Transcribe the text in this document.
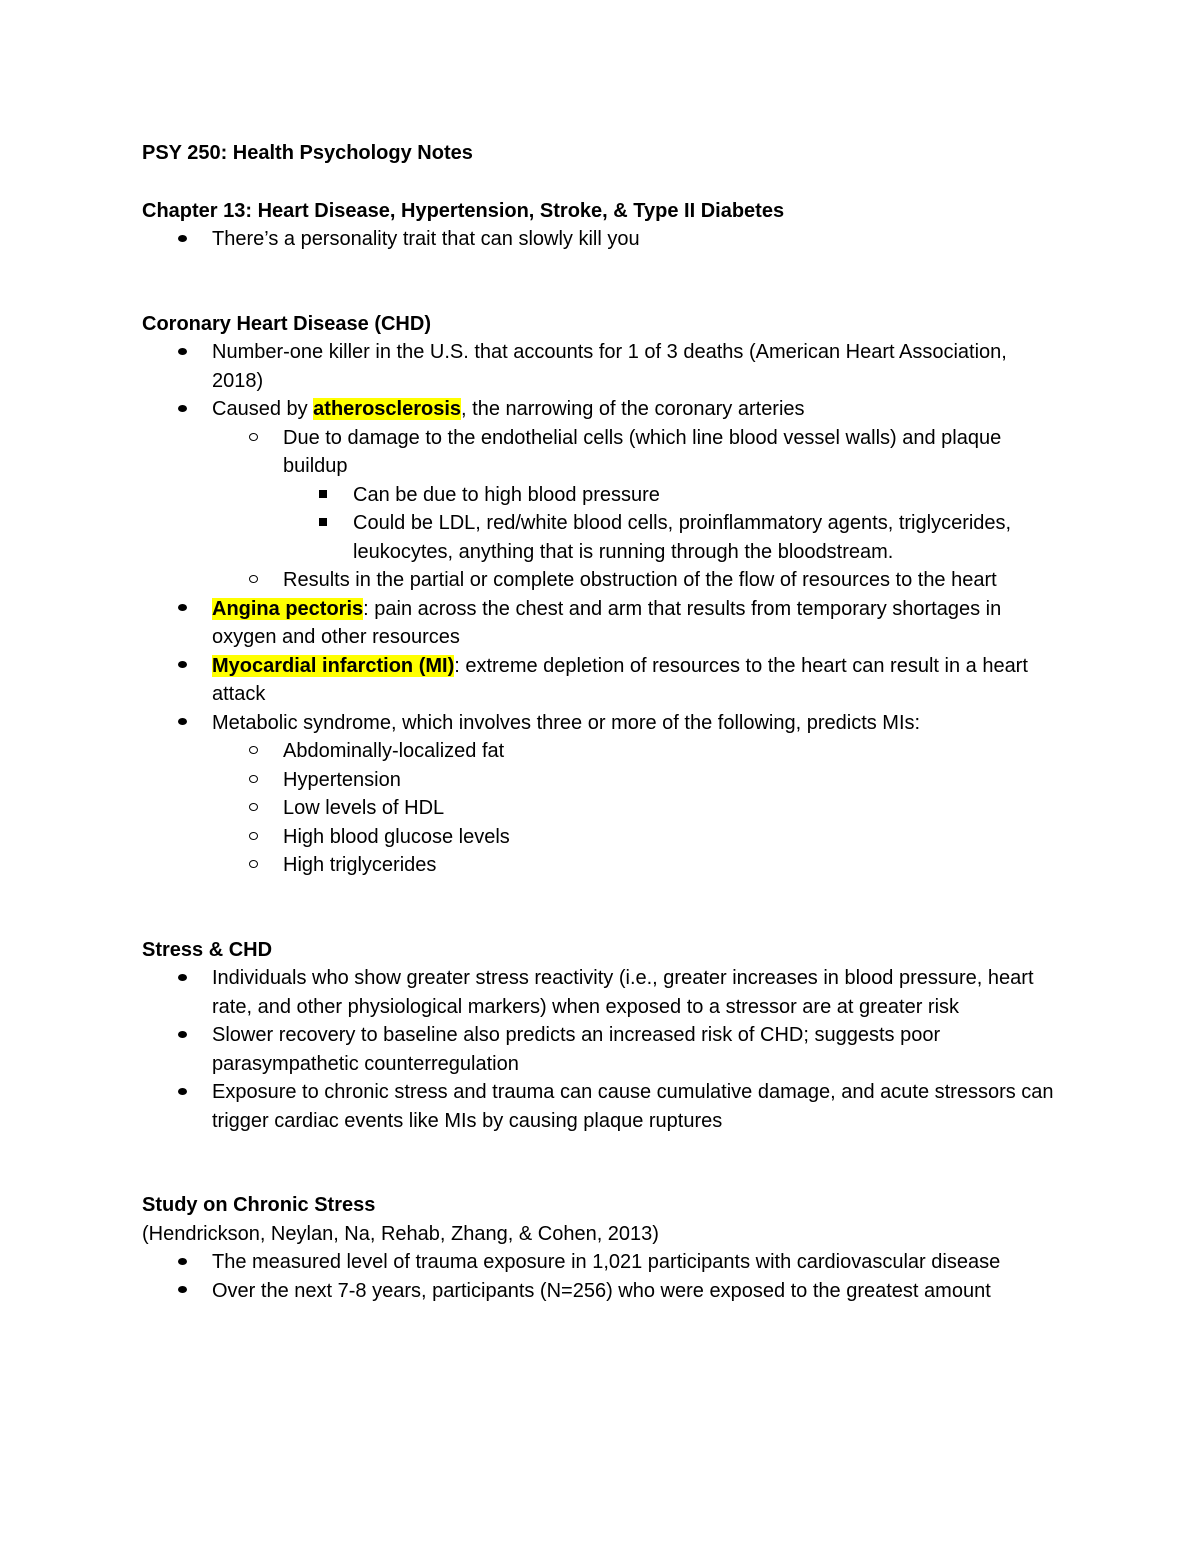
PSY 250: Health Psychology Notes
Chapter 13: Heart Disease, Hypertension, Stroke, & Type II Diabetes
There’s a personality trait that can slowly kill you
Coronary Heart Disease (CHD)
Number-one killer in the U.S. that accounts for 1 of 3 deaths (American Heart Association, 2018)
Caused by atherosclerosis, the narrowing of the coronary arteries
Due to damage to the endothelial cells (which line blood vessel walls) and plaque buildup
Can be due to high blood pressure
Could be LDL, red/white blood cells, proinflammatory agents, triglycerides, leukocytes, anything that is running through the bloodstream.
Results in the partial or complete obstruction of the flow of resources to the heart
Angina pectoris: pain across the chest and arm that results from temporary shortages in oxygen and other resources
Myocardial infarction (MI): extreme depletion of resources to the heart can result in a heart attack
Metabolic syndrome, which involves three or more of the following, predicts MIs:
Abdominally-localized fat
Hypertension
Low levels of HDL
High blood glucose levels
High triglycerides
Stress & CHD
Individuals who show greater stress reactivity (i.e., greater increases in blood pressure, heart rate, and other physiological markers) when exposed to a stressor are at greater risk
Slower recovery to baseline also predicts an increased risk of CHD; suggests poor parasympathetic counterregulation
Exposure to chronic stress and trauma can cause cumulative damage, and acute stressors can trigger cardiac events like MIs by causing plaque ruptures
Study on Chronic Stress
(Hendrickson, Neylan, Na, Rehab, Zhang, & Cohen, 2013)
The measured level of trauma exposure in 1,021 participants with cardiovascular disease
Over the next 7-8 years, participants (N=256) who were exposed to the greatest amount
